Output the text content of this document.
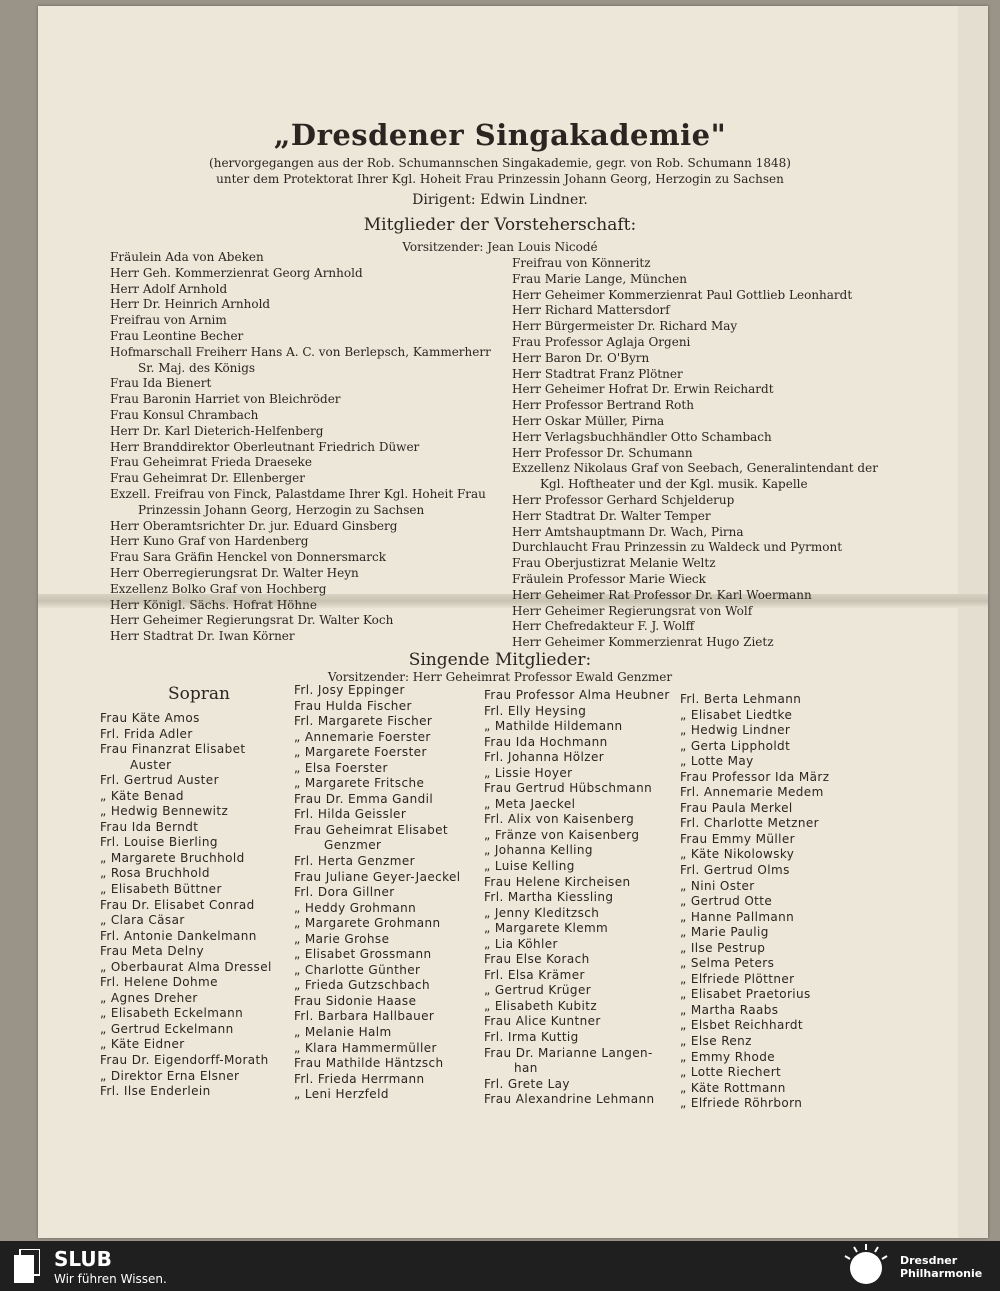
„Dresdener Singakademie"
(hervorgegangen aus der Rob. Schumannschen Singakademie, gegr. von Rob. Schumann 1848)
unter dem Protektorat Ihrer Kgl. Hoheit Frau Prinzessin Johann Georg, Herzogin zu Sachsen
Dirigent: Edwin Lindner.
Mitglieder der Vorsteherschaft:
Vorsitzender: Jean Louis Nicodé
Fräulein Ada von Abeken
Herr Geh. Kommerzienrat Georg Arnhold
Herr Adolf Arnhold
Herr Dr. Heinrich Arnhold
Freifrau von Arnim
Frau Leontine Becher
Hofmarschall Freiherr Hans A. C. von Berlepsch, Kammerherr
Sr. Maj. des Königs
Frau Ida Bienert
Frau Baronin Harriet von Bleichröder
Frau Konsul Chrambach
Herr Dr. Karl Dieterich-Helfenberg
Herr Branddirektor Oberleutnant Friedrich Düwer
Frau Geheimrat Frieda Draeseke
Frau Geheimrat Dr. Ellenberger
Exzell. Freifrau von Finck, Palastdame Ihrer Kgl. Hoheit Frau
Prinzessin Johann Georg, Herzogin zu Sachsen
Herr Oberamtsrichter Dr. jur. Eduard Ginsberg
Herr Kuno Graf von Hardenberg
Frau Sara Gräfin Henckel von Donnersmarck
Herr Oberregierungsrat Dr. Walter Heyn
Exzellenz Bolko Graf von Hochberg
Herr Königl. Sächs. Hofrat Höhne
Herr Geheimer Regierungsrat Dr. Walter Koch
Herr Stadtrat Dr. Iwan Körner
Freifrau von Könneritz
Frau Marie Lange, München
Herr Geheimer Kommerzienrat Paul Gottlieb Leonhardt
Herr Richard Mattersdorf
Herr Bürgermeister Dr. Richard May
Frau Professor Aglaja Orgeni
Herr Baron Dr. O'Byrn
Herr Stadtrat Franz Plötner
Herr Geheimer Hofrat Dr. Erwin Reichardt
Herr Professor Bertrand Roth
Herr Oskar Müller, Pirna
Herr Verlagsbuchhändler Otto Schambach
Herr Professor Dr. Schumann
Exzellenz Nikolaus Graf von Seebach, Generalintendant der
Kgl. Hoftheater und der Kgl. musik. Kapelle
Herr Professor Gerhard Schjelderup
Herr Stadtrat Dr. Walter Temper
Herr Amtshauptmann Dr. Wach, Pirna
Durchlaucht Frau Prinzessin zu Waldeck und Pyrmont
Frau Oberjustizrat Melanie Weltz
Fräulein Professor Marie Wieck
Herr Geheimer Rat Professor Dr. Karl Woermann
Herr Geheimer Regierungsrat von Wolf
Herr Chefredakteur F. J. Wolff
Herr Geheimer Kommerzienrat Hugo Zietz
Singende Mitglieder:
Vorsitzender: Herr Geheimrat Professor Ewald Genzmer
Sopran
Frau Käte Amos
Frl. Frida Adler
Frau Finanzrat Elisabet
Auster
Frl. Gertrud Auster
„ Käte Benad
„ Hedwig Bennewitz
Frau Ida Berndt
Frl. Louise Bierling
„ Margarete Bruchhold
„ Rosa Bruchhold
„ Elisabeth Büttner
Frau Dr. Elisabet Conrad
„ Clara Cäsar
Frl. Antonie Dankelmann
Frau Meta Delny
„ Oberbaurat Alma Dressel
Frl. Helene Dohme
„ Agnes Dreher
„ Elisabeth Eckelmann
„ Gertrud Eckelmann
„ Käte Eidner
Frau Dr. Eigendorff-Morath
„ Direktor Erna Elsner
Frl. Ilse Enderlein
Frl. Josy Eppinger
Frau Hulda Fischer
Frl. Margarete Fischer
„ Annemarie Foerster
„ Margarete Foerster
„ Elsa Foerster
„ Margarete Fritsche
Frau Dr. Emma Gandil
Frl. Hilda Geissler
Frau Geheimrat Elisabet
Genzmer
Frl. Herta Genzmer
Frau Juliane Geyer-Jaeckel
Frl. Dora Gillner
„ Heddy Grohmann
„ Margarete Grohmann
„ Marie Grohse
„ Elisabet Grossmann
„ Charlotte Günther
„ Frieda Gutzschbach
Frau Sidonie Haase
Frl. Barbara Hallbauer
„ Melanie Halm
„ Klara Hammermüller
Frau Mathilde Häntzsch
Frl. Frieda Herrmann
„ Leni Herzfeld
Frau Professor Alma Heubner
Frl. Elly Heysing
„ Mathilde Hildemann
Frau Ida Hochmann
Frl. Johanna Hölzer
„ Lissie Hoyer
Frau Gertrud Hübschmann
„ Meta Jaeckel
Frl. Alix von Kaisenberg
„ Fränze von Kaisenberg
„ Johanna Kelling
„ Luise Kelling
Frau Helene Kircheisen
Frl. Martha Kiessling
„ Jenny Kleditzsch
„ Margarete Klemm
„ Lia Köhler
Frau Else Korach
Frl. Elsa Krämer
„ Gertrud Krüger
„ Elisabeth Kubitz
Frau Alice Kuntner
Frl. Irma Kuttig
Frau Dr. Marianne Langen-
han
Frl. Grete Lay
Frau Alexandrine Lehmann
Frl. Berta Lehmann
„ Elisabet Liedtke
„ Hedwig Lindner
„ Gerta Lippholdt
„ Lotte May
Frau Professor Ida März
Frl. Annemarie Medem
Frau Paula Merkel
Frl. Charlotte Metzner
Frau Emmy Müller
„ Käte Nikolowsky
Frl. Gertrud Olms
„ Nini Oster
„ Gertrud Otte
„ Hanne Pallmann
„ Marie Paulig
„ Ilse Pestrup
„ Selma Peters
„ Elfriede Plöttner
„ Elisabet Praetorius
„ Martha Raabs
„ Elsbet Reichhardt
„ Else Renz
„ Emmy Rhode
„ Lotte Riechert
„ Käte Rottmann
„ Elfriede Röhrborn
SLUB
Wir führen Wissen.
Dresdner
Philharmonie
